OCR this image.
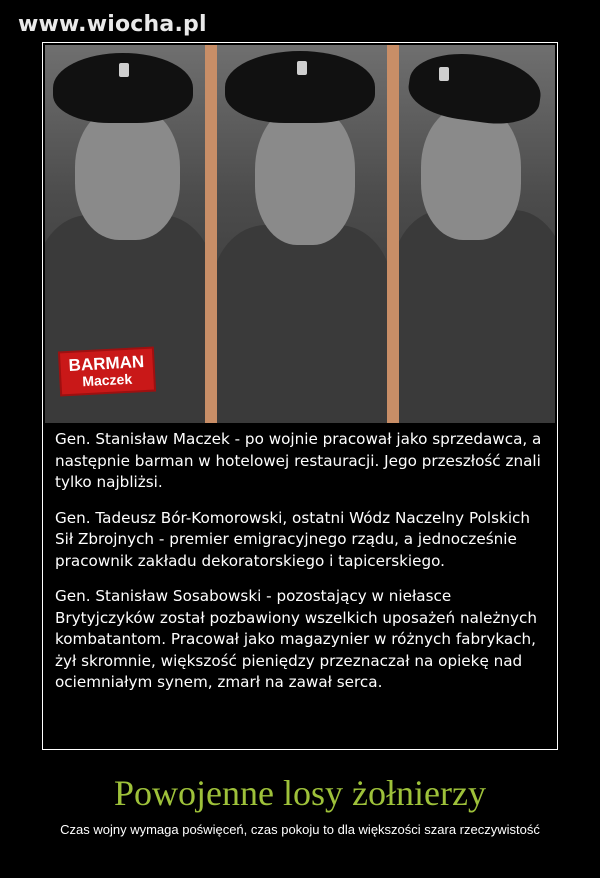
www.wiocha.pl
BARMAN
Maczek

Gen. Stanisław Maczek - po wojnie pracował jako sprzedawca, a następnie barman w hotelowej restauracji. Jego przeszłość znali tylko najbliżsi.

Gen. Tadeusz Bór-Komorowski, ostatni Wódz Naczelny Polskich Sił Zbrojnych - premier emigracyjnego rządu, a jednocześnie pracownik zakładu dekoratorskiego i tapicerskiego.

Gen. Stanisław Sosabowski - pozostający w niełasce Brytyjczyków został pozbawiony wszelkich uposażeń należnych kombatantom. Pracował jako magazynier w różnych fabrykach, żył skromnie, większość pieniędzy przeznaczał na opiekę nad ociemniałym synem, zmarł na zawał serca.

Powojenne losy żołnierzy
Czas wojny wymaga poświęceń, czas pokoju to dla większości szara rzeczywistość
